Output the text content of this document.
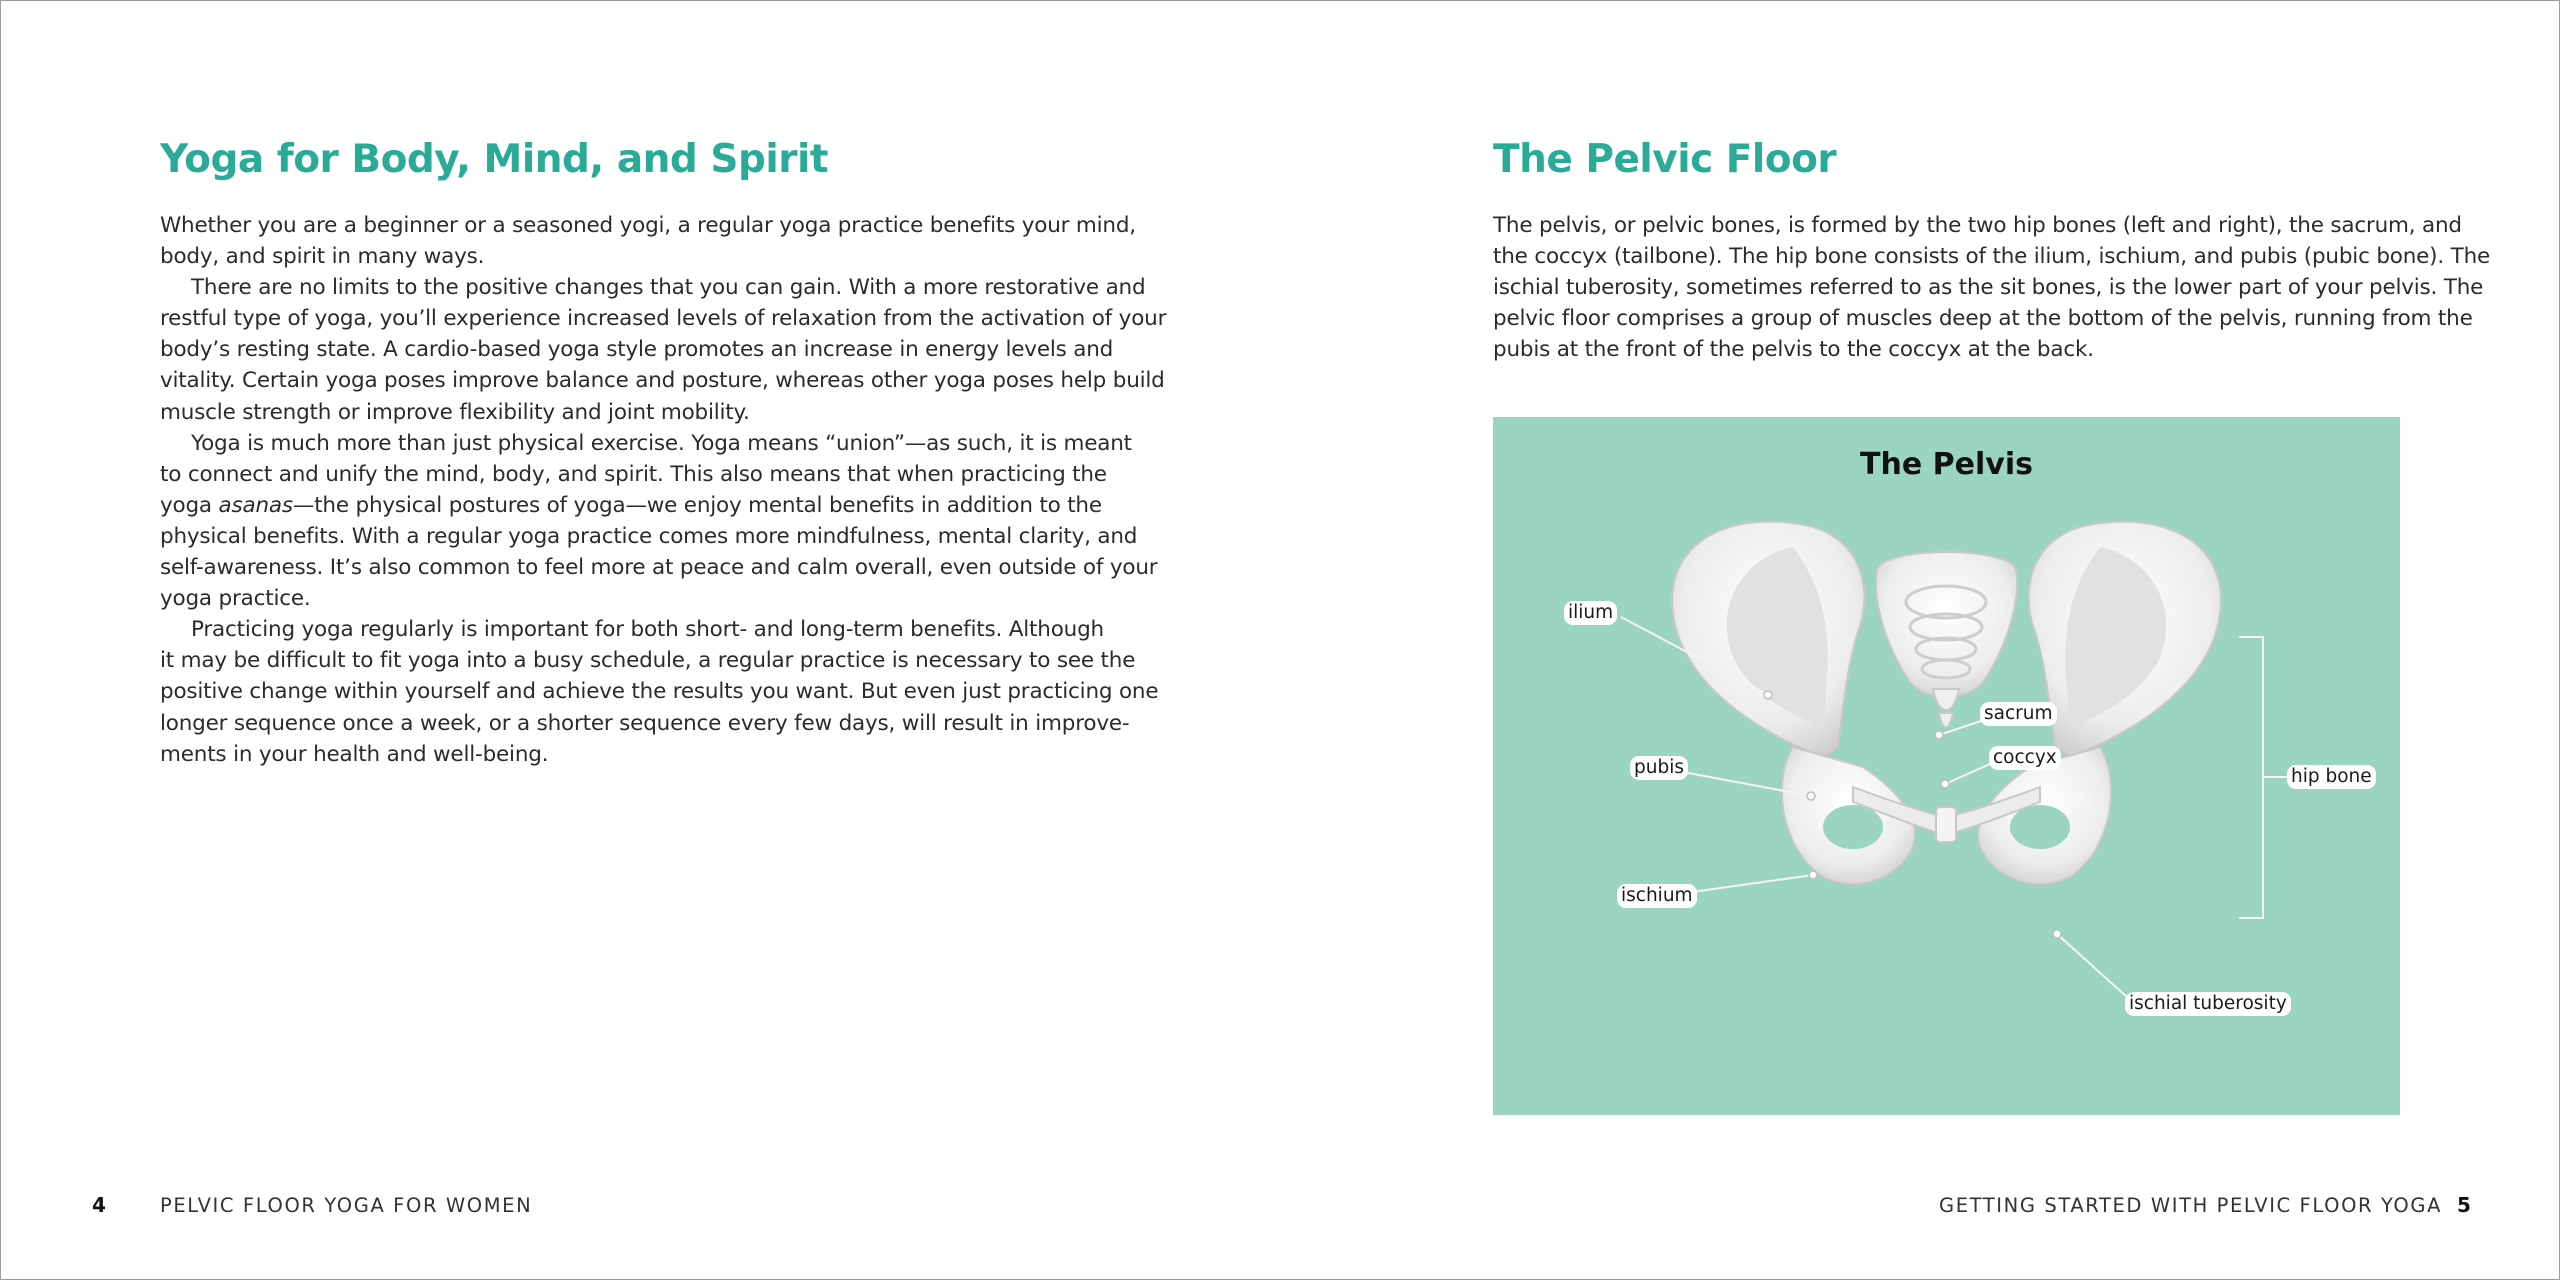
Yoga for Body, Mind, and Spirit
Whether you are a beginner or a seasoned yogi, a regular yoga practice benefits your mind,
body, and spirit in many ways.
There are no limits to the positive changes that you can gain. With a more restorative and
restful type of yoga, you’ll experience increased levels of relaxation from the activation of your
body’s resting state. A cardio-based yoga style promotes an increase in energy levels and
vitality. Certain yoga poses improve balance and posture, whereas other yoga poses help build
muscle strength or improve flexibility and joint mobility.
Yoga is much more than just physical exercise. Yoga means “union”—as such, it is meant
to connect and unify the mind, body, and spirit. This also means that when practicing the
yoga asanas—the physical postures of yoga—we enjoy mental benefits in addition to the
physical benefits. With a regular yoga practice comes more mindfulness, mental clarity, and
self-awareness. It’s also common to feel more at peace and calm overall, even outside of your
yoga practice.
Practicing yoga regularly is important for both short- and long-term benefits. Although
it may be difficult to fit yoga into a busy schedule, a regular practice is necessary to see the
positive change within yourself and achieve the results you want. But even just practicing one
longer sequence once a week, or a shorter sequence every few days, will result in improve-
ments in your health and well-being.
4	PELVIC FLOOR YOGA FOR WOMEN
The Pelvic Floor
The pelvis, or pelvic bones, is formed by the two hip bones (left and right), the sacrum, and
the coccyx (tailbone). The hip bone consists of the ilium, ischium, and pubis (pubic bone). The
ischial tuberosity, sometimes referred to as the sit bones, is the lower part of your pelvis. The
pelvic floor comprises a group of muscles deep at the bottom of the pelvis, running from the
pubis at the front of the pelvis to the coccyx at the back.
The Pelvis
ilium
pubis
ischium
sacrum
coccyx
hip bone
ischial tuberosity
GETTING STARTED WITH PELVIC FLOOR YOGA 5
